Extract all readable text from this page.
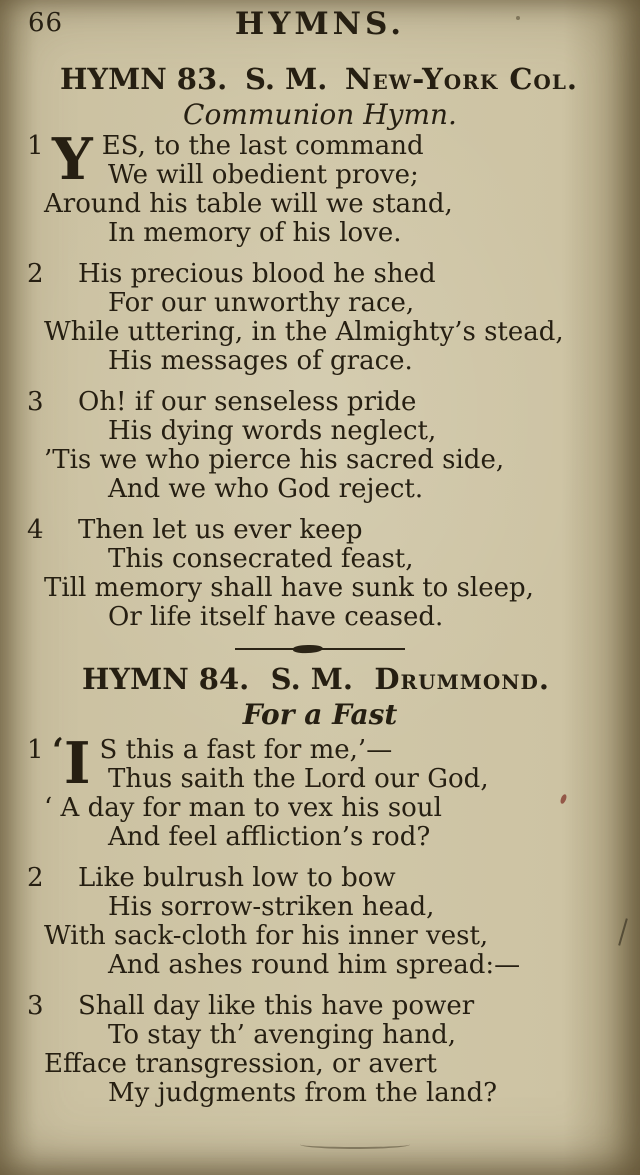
66	HYMNS.
HYMN 83. S. M. New-York Col.
Communion Hymn.
1 Y ES, to the last command
We will obedient prove;
Around his table will we stand,
In memory of his love.
2 His precious blood he shed
For our unworthy race,
While uttering, in the Almighty’s stead,
His messages of grace.
3 Oh! if our senseless pride
His dying words neglect,
’Tis we who pierce his sacred side,
And we who God reject.
4 Then let us ever keep
This consecrated feast,
Till memory shall have sunk to sleep,
Or life itself have ceased.
HYMN 84. S. M. Drummond.
For a Fast
1 ‘I S this a fast for me,’—
Thus saith the Lord our God,
‘ A day for man to vex his soul
And feel affliction’s rod?
2 Like bulrush low to bow
His sorrow-striken head,
With sack-cloth for his inner vest,
And ashes round him spread:—
3 Shall day like this have power
To stay th’ avenging hand,
Efface transgression, or avert
My judgments from the land?
